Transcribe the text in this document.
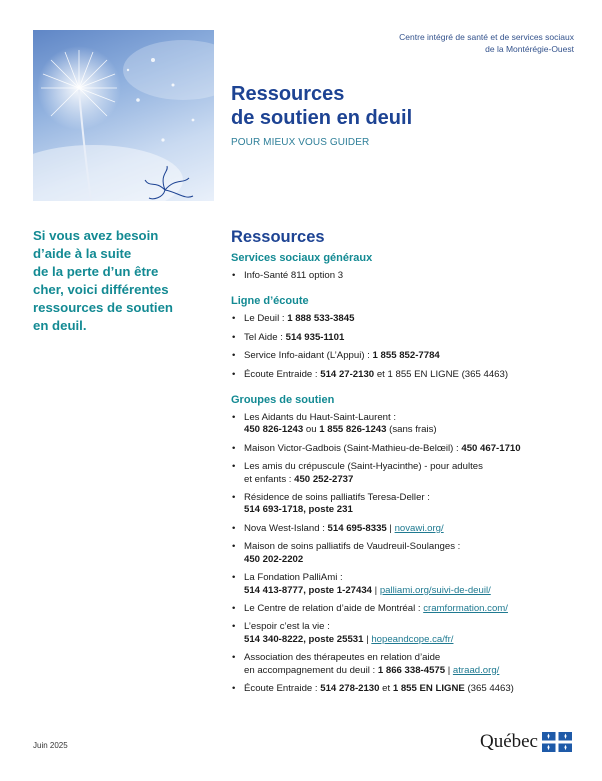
Centre intégré de santé et de services sociaux
de la Montérégie-Ouest
Ressources
de soutien en deuil
POUR MIEUX VOUS GUIDER

Si vous avez besoin
d’aide à la suite
de la perte d’un être
cher, voici différentes
ressources de soutien
en deuil.

Ressources
Services sociaux généraux
• Info-Santé 811 option 3
Ligne d’écoute
• Le Deuil : 1 888 533-3845
• Tel Aide : 514 935-1101
• Service Info-aidant (L’Appui) : 1 855 852-7784
• Écoute Entraide : 514 27-2130 et 1 855 EN LIGNE (365 4463)
Groupes de soutien
• Les Aidants du Haut-Saint-Laurent :
450 826-1243 ou 1 855 826-1243 (sans frais)
• Maison Victor-Gadbois (Saint-Mathieu-de-Belœil) : 450 467-1710
• Les amis du crépuscule (Saint-Hyacinthe) - pour adultes
et enfants : 450 252-2737
• Résidence de soins palliatifs Teresa-Deller :
514 693-1718, poste 231
• Nova West-Island : 514 695-8335 | novawi.org/
• Maison de soins palliatifs de Vaudreuil-Soulanges :
450 202-2202
• La Fondation PalliAmi :
514 413-8777, poste 1-27434 | palliami.org/suivi-de-deuil/
• Le Centre de relation d’aide de Montréal : cramformation.com/
• L’espoir c’est la vie :
514 340-8222, poste 25531 | hopeandcope.ca/fr/
• Association des thérapeutes en relation d’aide
en accompagnement du deuil : 1 866 338-4575 | atraad.org/
• Écoute Entraide : 514 278-2130 et 1 855 EN LIGNE (365 4463)
Juin 2025	Québec
